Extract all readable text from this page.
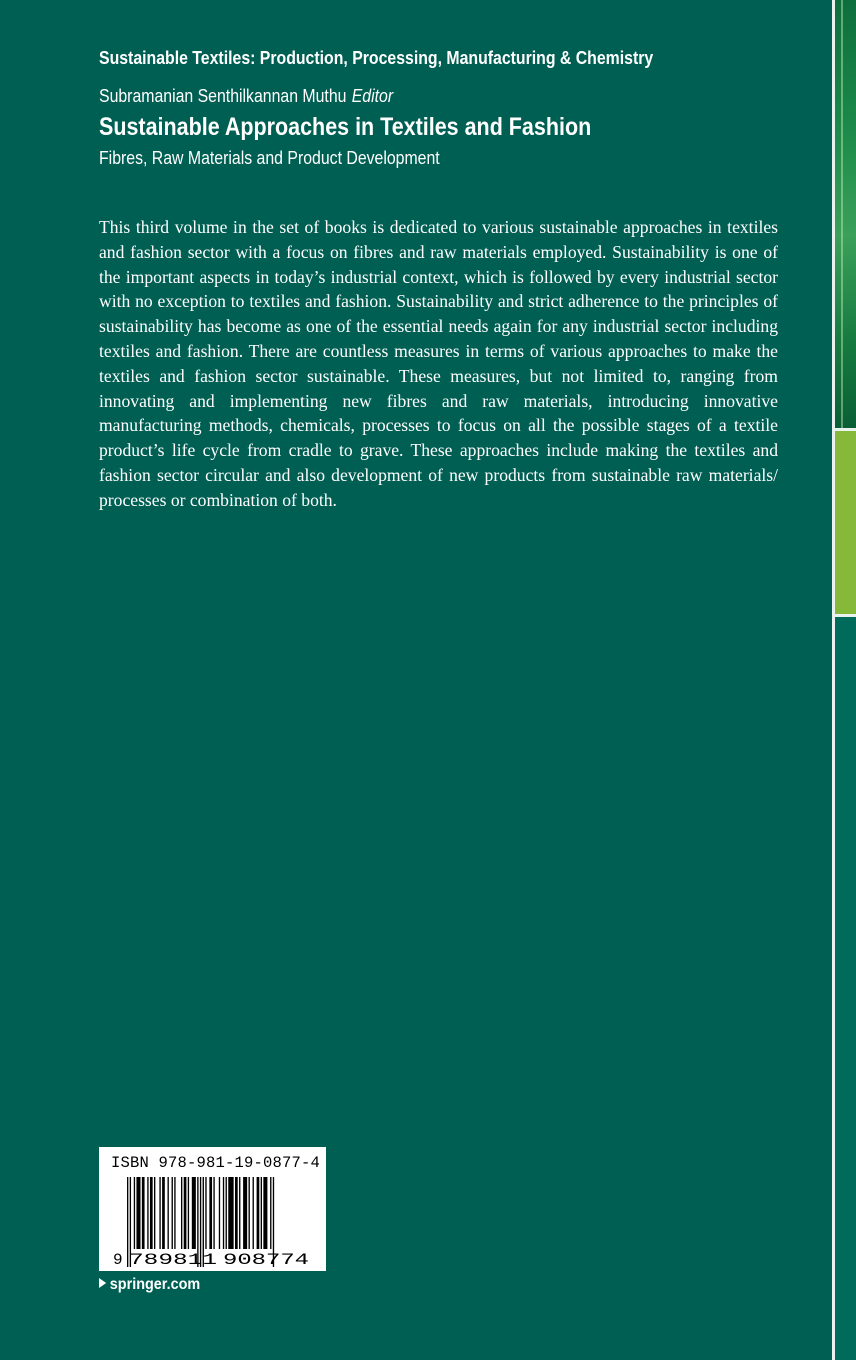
Sustainable Textiles: Production, Processing, Manufacturing & Chemistry
Subramanian Senthilkannan Muthu Editor
Sustainable Approaches in Textiles and Fashion
Fibres, Raw Materials and Product Development
This third volume in the set of books is dedicated to various sustainable approaches in textiles and fashion sector with a focus on fibres and raw materials employed. Sustainability is one of the important aspects in today’s industrial context, which is followed by every industrial sector with no exception to textiles and fashion. Sustainability and strict adherence to the principles of sustainability has become as one of the essential needs again for any industrial sector including textiles and fashion. There are countless measures in terms of various approaches to make the textiles and fashion sector sustainable. These measures, but not limited to, ranging from innovating and implementing new fibres and raw materials, introducing innovative manufacturing methods, chemicals, processes to focus on all the possible stages of a textile product’s life cycle from cradle to grave. These approaches include making the textiles and fashion sector circular and also development of new products from sustainable raw materials/ processes or combination of both.
ISBN 978-981-19-0877-4
9 789811 908774
springer.com
